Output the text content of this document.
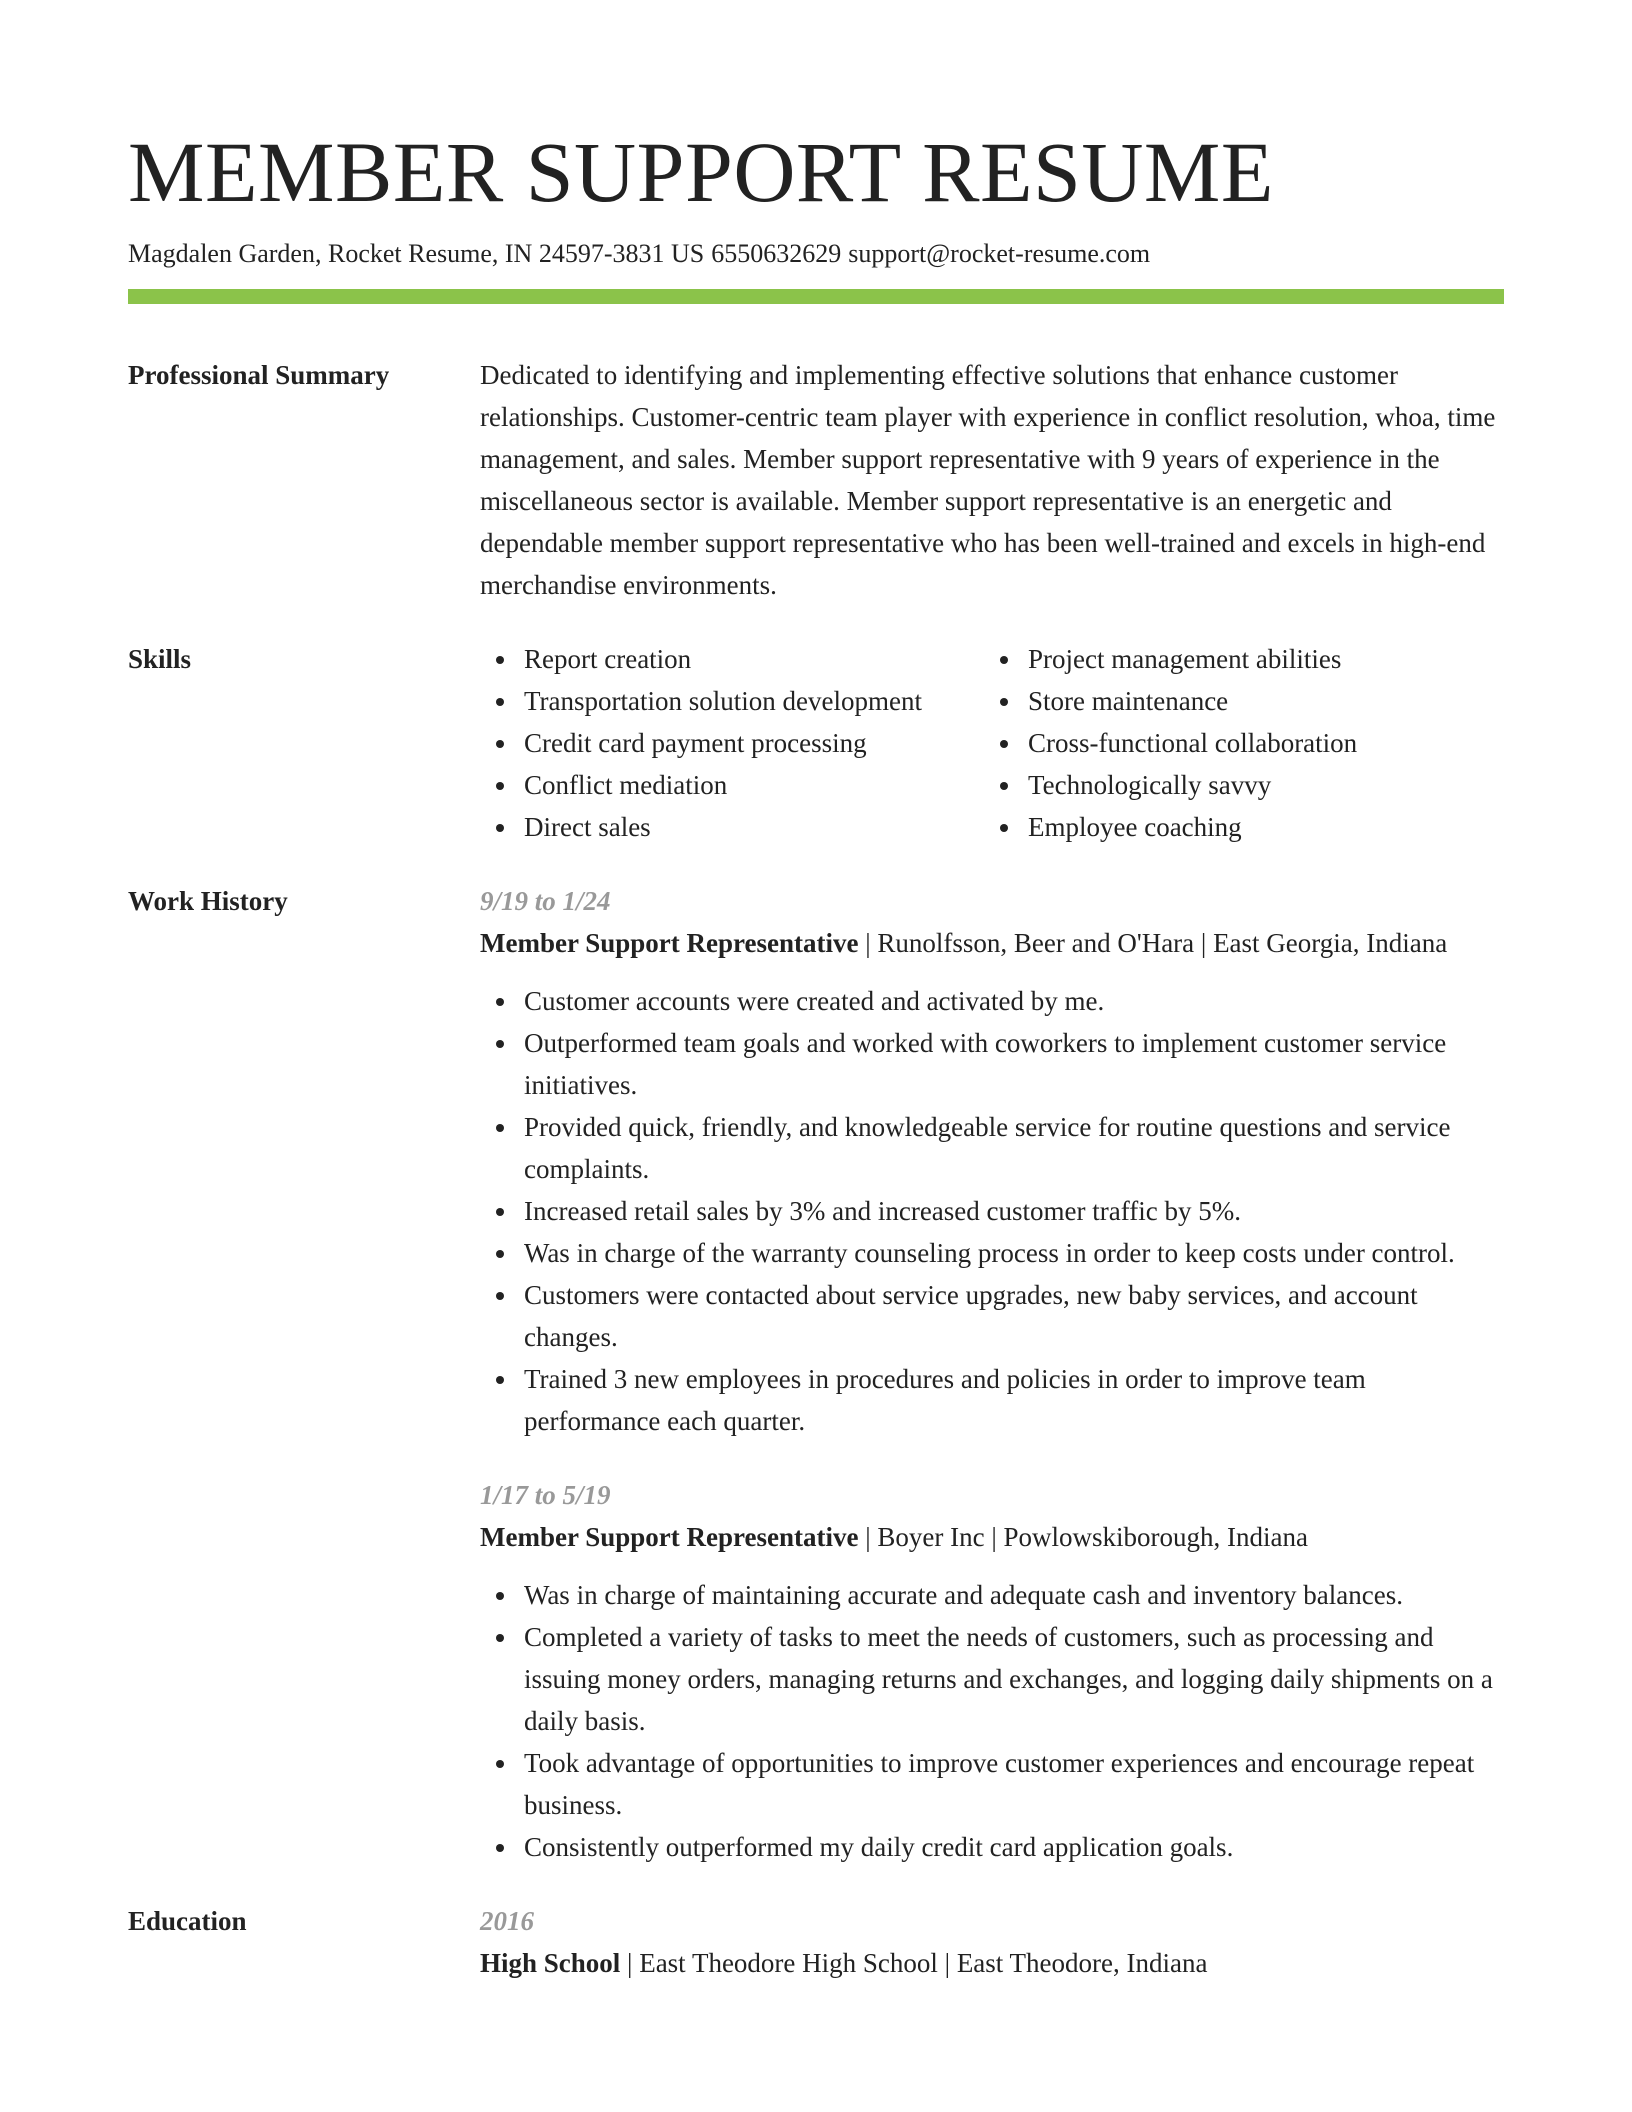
MEMBER SUPPORT RESUME
Magdalen Garden, Rocket Resume, IN 24597-3831 US 6550632629 support@rocket-resume.com
Professional Summary	Dedicated to identifying and implementing effective solutions that enhance customer relationships. Customer-centric team player with experience in conflict resolution, whoa, time management, and sales. Member support representative with 9 years of experience in the miscellaneous sector is available. Member support representative is an energetic and dependable member support representative who has been well-trained and excels in high-end merchandise environments.
Skills	Report creation
Transportation solution development
Credit card payment processing
Conflict mediation
Direct sales
Project management abilities
Store maintenance
Cross-functional collaboration
Technologically savvy
Employee coaching
Work History	9/19 to 1/24
Member Support Representative | Runolfsson, Beer and O'Hara | East Georgia, Indiana
Customer accounts were created and activated by me.
Outperformed team goals and worked with coworkers to implement customer service initiatives.
Provided quick, friendly, and knowledgeable service for routine questions and service complaints.
Increased retail sales by 3% and increased customer traffic by 5%.
Was in charge of the warranty counseling process in order to keep costs under control.
Customers were contacted about service upgrades, new baby services, and account changes.
Trained 3 new employees in procedures and policies in order to improve team performance each quarter.
1/17 to 5/19
Member Support Representative | Boyer Inc | Powlowskiborough, Indiana
Was in charge of maintaining accurate and adequate cash and inventory balances.
Completed a variety of tasks to meet the needs of customers, such as processing and issuing money orders, managing returns and exchanges, and logging daily shipments on a daily basis.
Took advantage of opportunities to improve customer experiences and encourage repeat business.
Consistently outperformed my daily credit card application goals.
Education	2016
High School | East Theodore High School | East Theodore, Indiana
